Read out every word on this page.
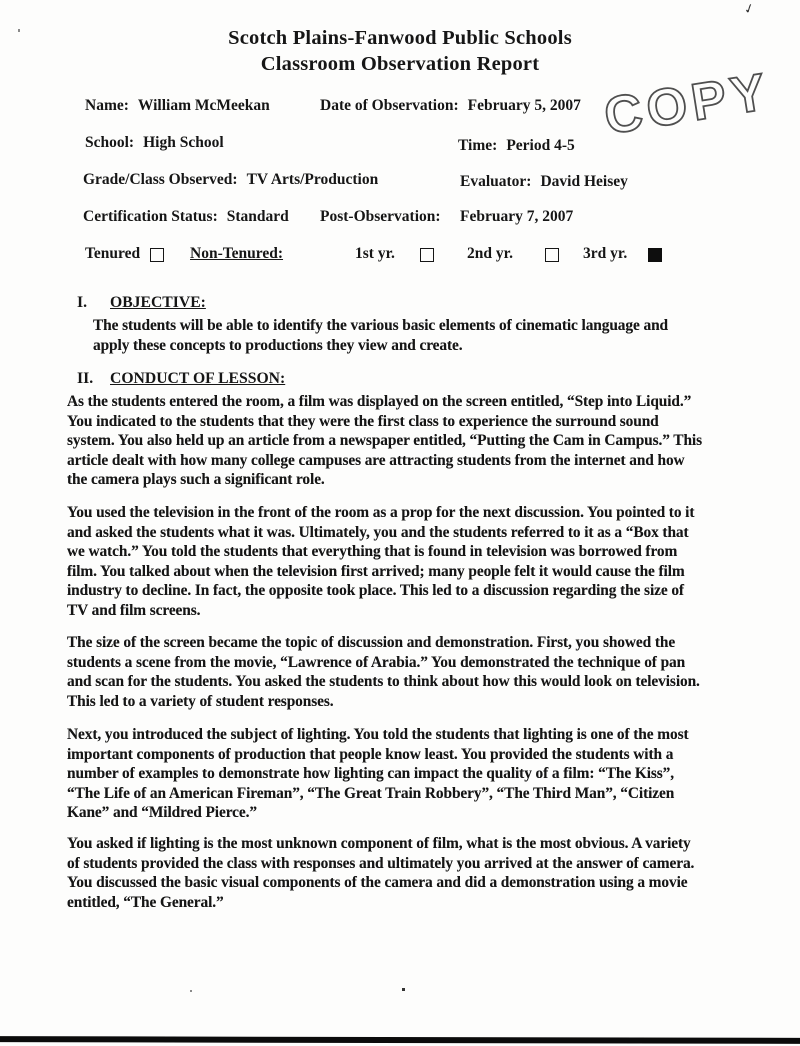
Scotch Plains-Fanwood Public Schools
Classroom Observation Report	COPY
Name: William McMeekan	Date of Observation: February 5, 2007
School: High School	Time: Period 4-5
Grade/Class Observed: TV Arts/Production	Evaluator: David Heisey
Certification Status: Standard Post-Observation: February 7, 2007
Tenured	Non-Tenured:	1st yr.	2nd yr.	3rd yr.
I. OBJECTIVE:
The students will be able to identify the various basic elements of cinematic language and apply these concepts to productions they view and create.
II. CONDUCT OF LESSON:
As the students entered the room, a film was displayed on the screen entitled, “Step into Liquid.” You indicated to the students that they were the first class to experience the surround sound system. You also held up an article from a newspaper entitled, “Putting the Cam in Campus.” This article dealt with how many college campuses are attracting students from the internet and how the camera plays such a significant role.
You used the television in the front of the room as a prop for the next discussion. You pointed to it and asked the students what it was. Ultimately, you and the students referred to it as a “Box that we watch.” You told the students that everything that is found in television was borrowed from film. You talked about when the television first arrived; many people felt it would cause the film industry to decline. In fact, the opposite took place. This led to a discussion regarding the size of TV and film screens.
The size of the screen became the topic of discussion and demonstration. First, you showed the students a scene from the movie, “Lawrence of Arabia.” You demonstrated the technique of pan and scan for the students. You asked the students to think about how this would look on television. This led to a variety of student responses.
Next, you introduced the subject of lighting. You told the students that lighting is one of the most important components of production that people know least. You provided the students with a number of examples to demonstrate how lighting can impact the quality of a film: “The Kiss”, “The Life of an American Fireman”, “The Great Train Robbery”, “The Third Man”, “Citizen Kane” and “Mildred Pierce.”
You asked if lighting is the most unknown component of film, what is the most obvious. A variety of students provided the class with responses and ultimately you arrived at the answer of camera. You discussed the basic visual components of the camera and did a demonstration using a movie entitled, “The General.”
✓
